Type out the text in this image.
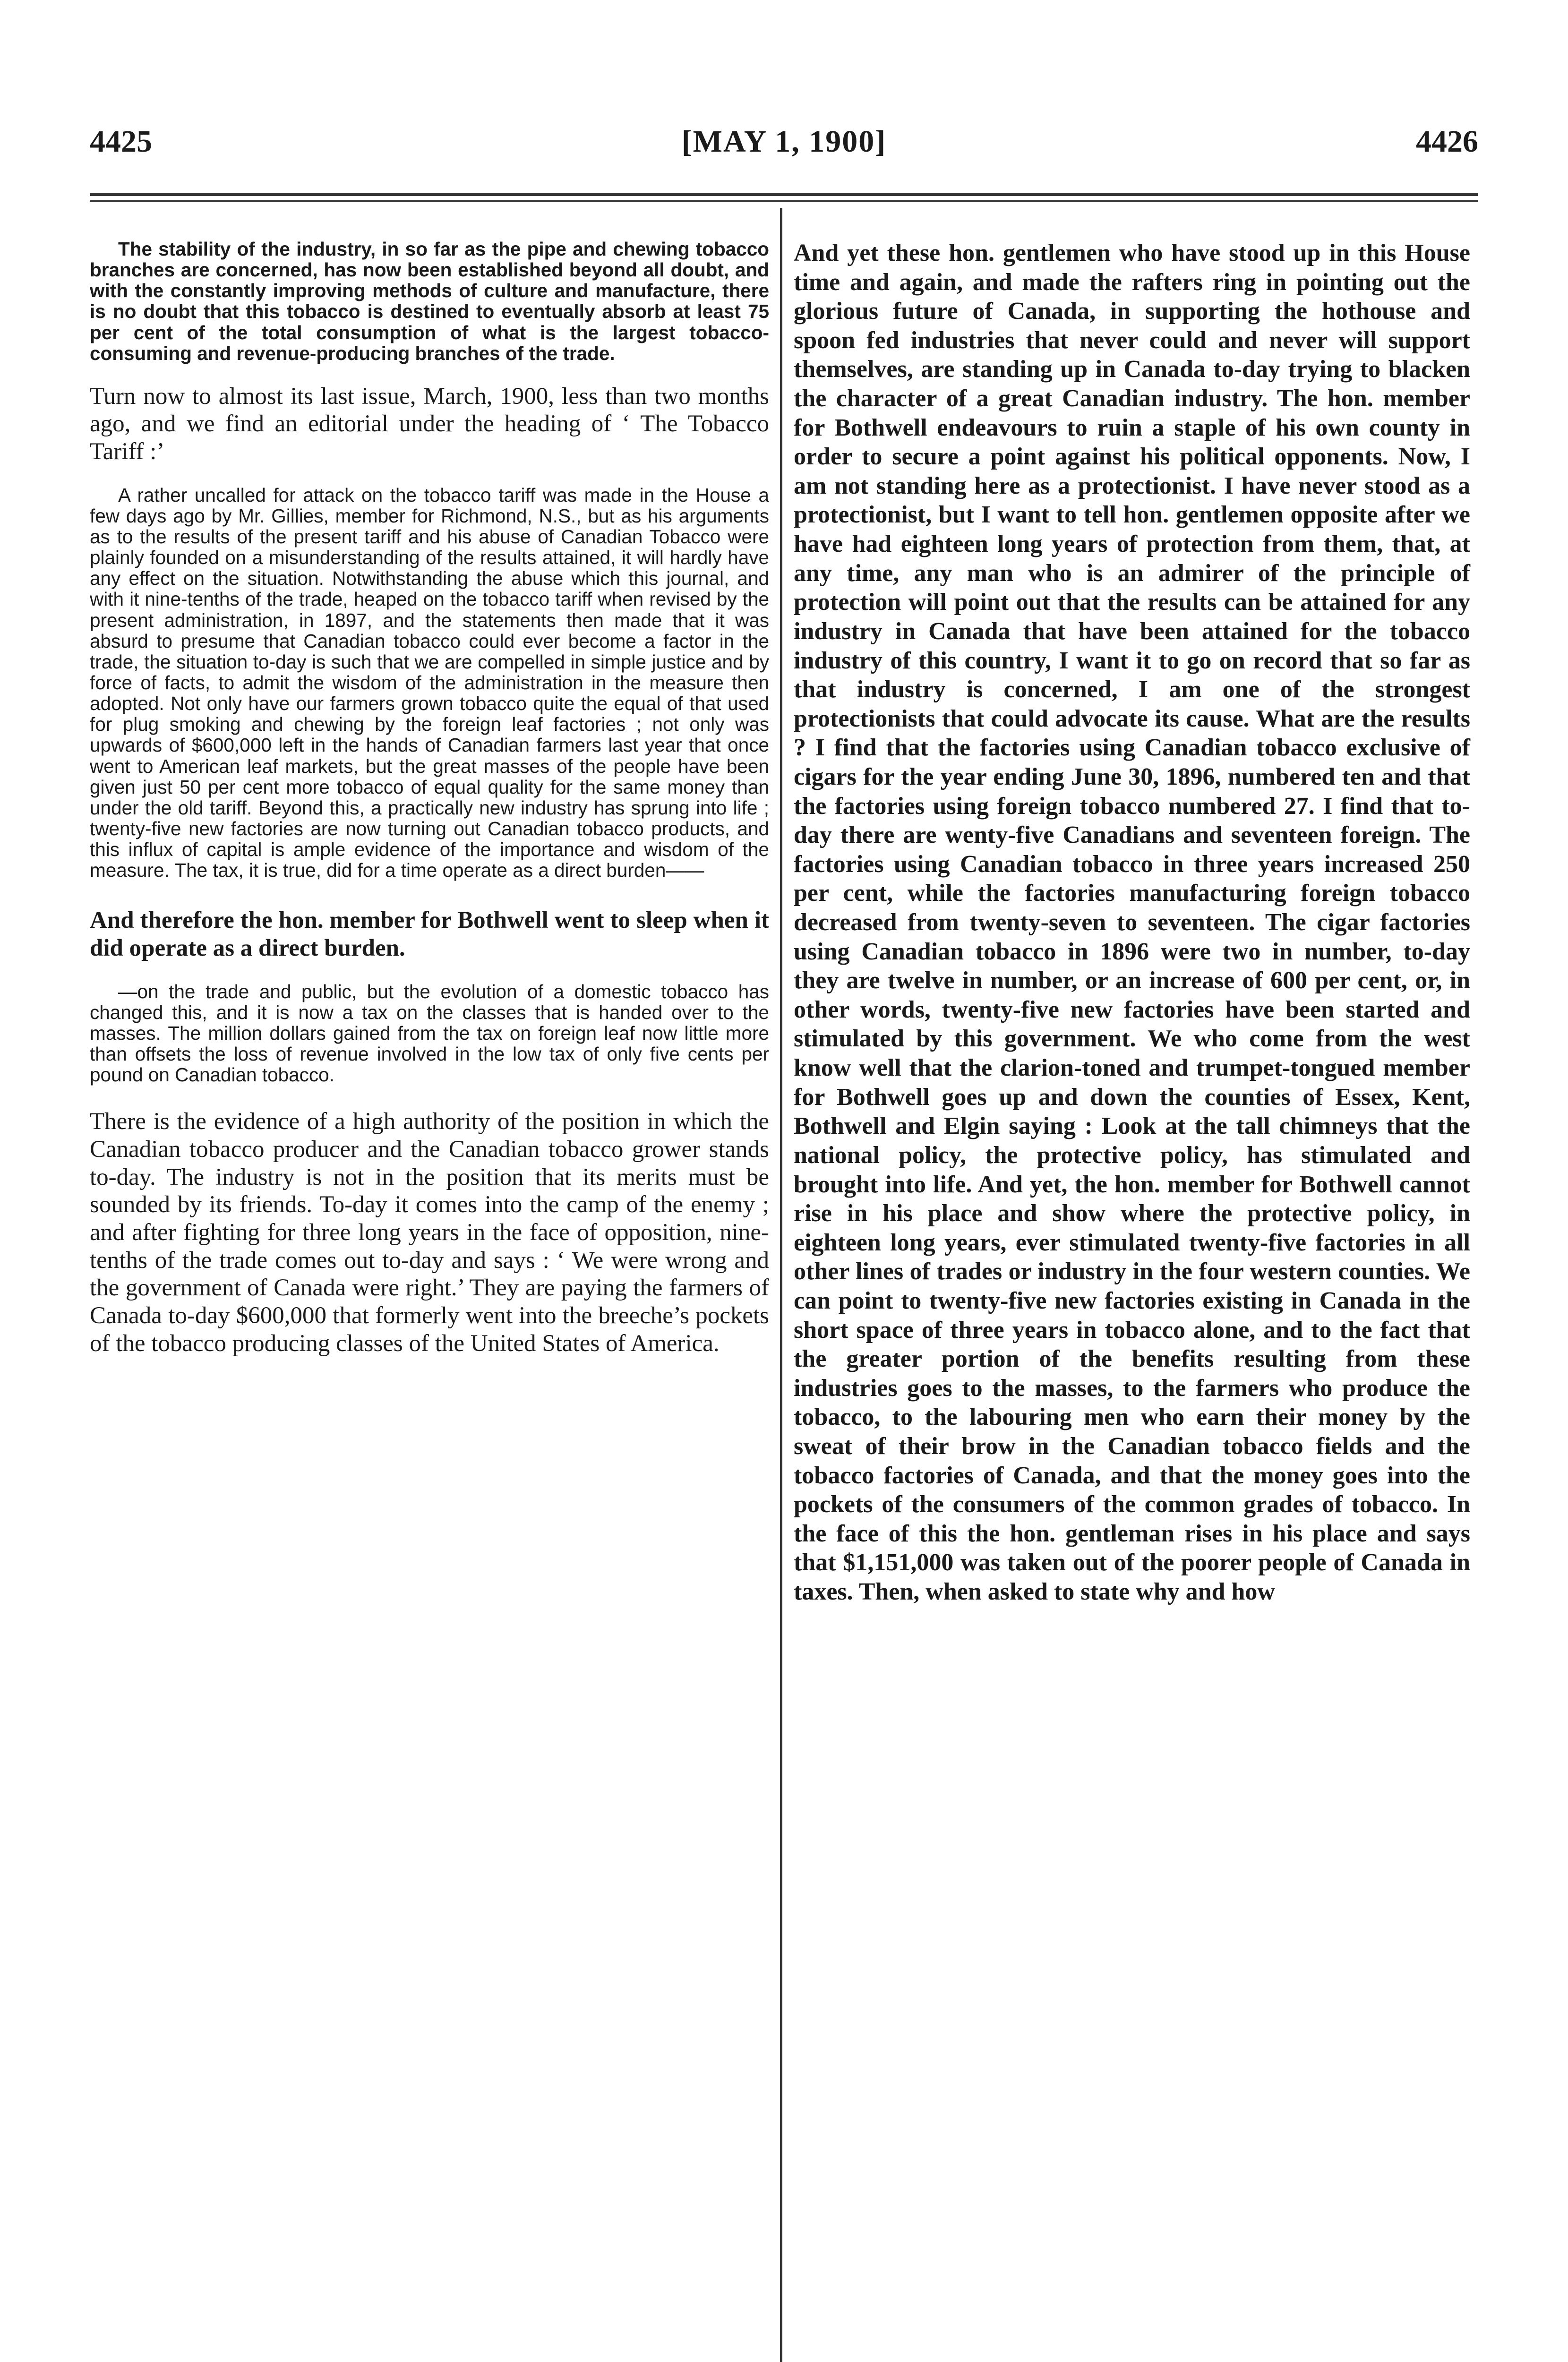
4425	[MAY 1, 1900]	4426

The stability of the industry, in so far as the pipe and chewing tobacco branches are concerned, has now been established beyond all doubt, and with the constantly improving methods of culture and manufacture, there is no doubt that this tobacco is destined to eventually absorb at least 75 per cent of the total consumption of what is the largest tobacco-consuming and revenue-producing branches of the trade.

Turn now to almost its last issue, March, 1900, less than two months ago, and we find an editorial under the heading of ‘ The Tobacco Tariff :’

A rather uncalled for attack on the tobacco tariff was made in the House a few days ago by Mr. Gillies, member for Richmond, N.S., but as his arguments as to the results of the present tariff and his abuse of Canadian Tobacco were plainly founded on a misunderstanding of the results attained, it will hardly have any effect on the situation. Notwithstanding the abuse which this journal, and with it nine-tenths of the trade, heaped on the tobacco tariff when revised by the present administration, in 1897, and the statements then made that it was absurd to presume that Canadian tobacco could ever become a factor in the trade, the situation to-day is such that we are compelled in simple justice and by force of facts, to admit the wisdom of the administration in the measure then adopted. Not only have our farmers grown tobacco quite the equal of that used for plug smoking and chewing by the foreign leaf factories ; not only was upwards of $600,000 left in the hands of Canadian farmers last year that once went to American leaf markets, but the great masses of the people have been given just 50 per cent more tobacco of equal quality for the same money than under the old tariff. Beyond this, a practically new industry has sprung into life ; twenty-five new factories are now turning out Canadian tobacco products, and this influx of capital is ample evidence of the importance and wisdom of the measure. The tax, it is true, did for a time operate as a direct burden——

And therefore the hon. member for Bothwell went to sleep when it did operate as a direct burden.

—on the trade and public, but the evolution of a domestic tobacco has changed this, and it is now a tax on the classes that is handed over to the masses. The million dollars gained from the tax on foreign leaf now little more than offsets the loss of revenue involved in the low tax of only five cents per pound on Canadian tobacco.

There is the evidence of a high authority of the position in which the Canadian tobacco producer and the Canadian tobacco grower stands to-day. The industry is not in the position that its merits must be sounded by its friends. To-day it comes into the camp of the enemy ; and after fighting for three long years in the face of opposition, nine-tenths of the trade comes out to-day and says : ‘ We were wrong and the government of Canada were right.’ They are paying the farmers of Canada to-day $600,000 that formerly went into the breeche’s pockets of the tobacco producing classes of the United States of America.

And yet these hon. gentlemen who have stood up in this House time and again, and made the rafters ring in pointing out the glorious future of Canada, in supporting the hothouse and spoon fed industries that never could and never will support themselves, are standing up in Canada to-day trying to blacken the character of a great Canadian industry. The hon. member for Bothwell endeavours to ruin a staple of his own county in order to secure a point against his political opponents. Now, I am not standing here as a protectionist. I have never stood as a protectionist, but I want to tell hon. gentlemen opposite after we have had eighteen long years of protection from them, that, at any time, any man who is an admirer of the principle of protection will point out that the results can be attained for any industry in Canada that have been attained for the tobacco industry of this country, I want it to go on record that so far as that industry is concerned, I am one of the strongest protectionists that could advocate its cause. What are the results ? I find that the factories using Canadian tobacco exclusive of cigars for the year ending June 30, 1896, numbered ten and that the factories using foreign tobacco numbered 27. I find that to-day there are wenty-five Canadians and seventeen foreign. The factories using Canadian tobacco in three years increased 250 per cent, while the factories manufacturing foreign tobacco decreased from twenty-seven to seventeen. The cigar factories using Canadian tobacco in 1896 were two in number, to-day they are twelve in number, or an increase of 600 per cent, or, in other words, twenty-five new factories have been started and stimulated by this government. We who come from the west know well that the clarion-toned and trumpet-tongued member for Bothwell goes up and down the counties of Essex, Kent, Bothwell and Elgin saying : Look at the tall chimneys that the national policy, the protective policy, has stimulated and brought into life. And yet, the hon. member for Bothwell cannot rise in his place and show where the protective policy, in eighteen long years, ever stimulated twenty-five factories in all other lines of trades or industry in the four western counties. We can point to twenty-five new factories existing in Canada in the short space of three years in tobacco alone, and to the fact that the greater portion of the benefits resulting from these industries goes to the masses, to the farmers who produce the tobacco, to the labouring men who earn their money by the sweat of their brow in the Canadian tobacco fields and the tobacco factories of Canada, and that the money goes into the pockets of the consumers of the common grades of tobacco. In the face of this the hon. gentleman rises in his place and says that $1,151,000 was taken out of the poorer people of Canada in taxes. Then, when asked to state why and how
